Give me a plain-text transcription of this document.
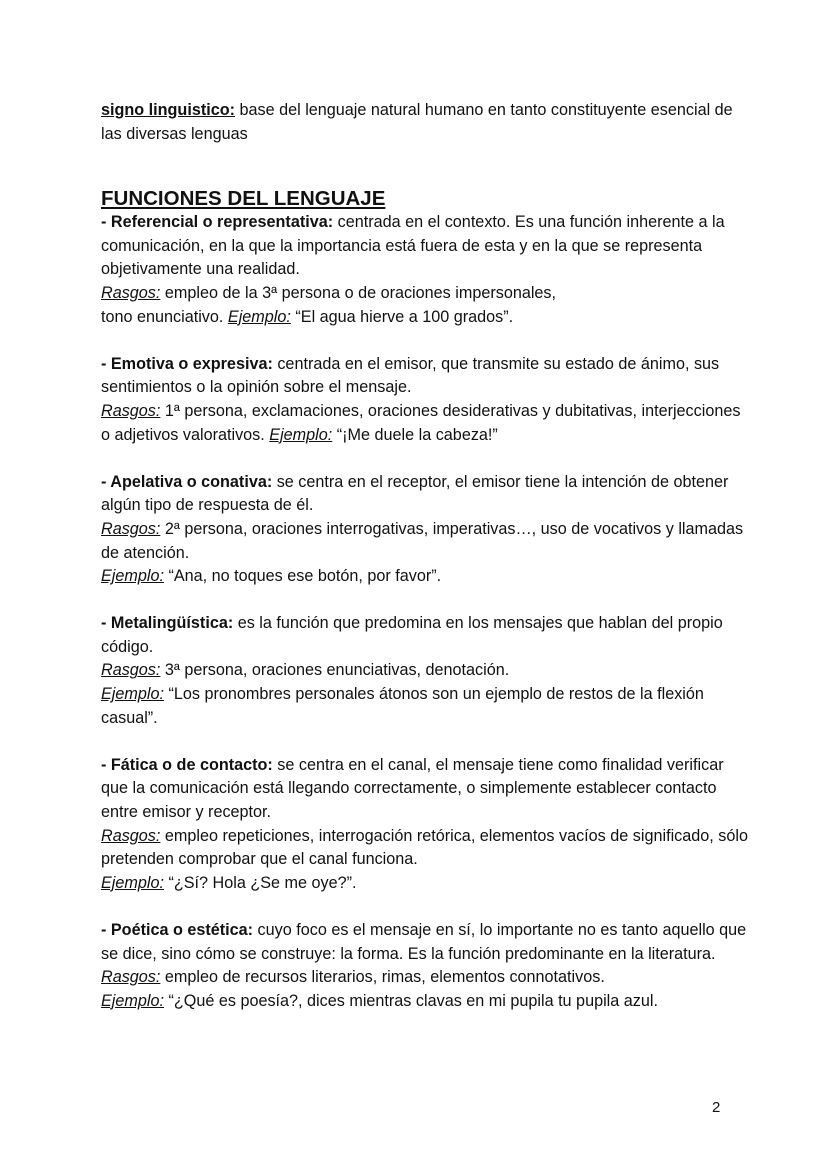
signo linguistico: base del lenguaje natural humano en tanto constituyente esencial de las diversas lenguas

FUNCIONES DEL LENGUAJE

- Referencial o representativa: centrada en el contexto. Es una función inherente a la comunicación, en la que la importancia está fuera de esta y en la que se representa objetivamente una realidad.
Rasgos: empleo de la 3ª persona o de oraciones impersonales,
tono enunciativo. Ejemplo: “El agua hierve a 100 grados”.

- Emotiva o expresiva: centrada en el emisor, que transmite su estado de ánimo, sus sentimientos o la opinión sobre el mensaje.
Rasgos: 1ª persona, exclamaciones, oraciones desiderativas y dubitativas, interjecciones o adjetivos valorativos. Ejemplo: “¡Me duele la cabeza!”

- Apelativa o conativa: se centra en el receptor, el emisor tiene la intención de obtener algún tipo de respuesta de él.
Rasgos: 2ª persona, oraciones interrogativas, imperativas…, uso de vocativos y llamadas de atención.
Ejemplo: “Ana, no toques ese botón, por favor”.

- Metalingüística: es la función que predomina en los mensajes que hablan del propio código.
Rasgos: 3ª persona, oraciones enunciativas, denotación.
Ejemplo: “Los pronombres personales átonos son un ejemplo de restos de la flexión casual”.

- Fática o de contacto: se centra en el canal, el mensaje tiene como finalidad verificar que la comunicación está llegando correctamente, o simplemente establecer contacto entre emisor y receptor.
Rasgos: empleo repeticiones, interrogación retórica, elementos vacíos de significado, sólo pretenden comprobar que el canal funciona.
Ejemplo: “¿Sí? Hola ¿Se me oye?”.

- Poética o estética: cuyo foco es el mensaje en sí, lo importante no es tanto aquello que se dice, sino cómo se construye: la forma. Es la función predominante en la literatura.
Rasgos: empleo de recursos literarios, rimas, elementos connotativos.
Ejemplo: “¿Qué es poesía?, dices mientras clavas en mi pupila tu pupila azul.

2
